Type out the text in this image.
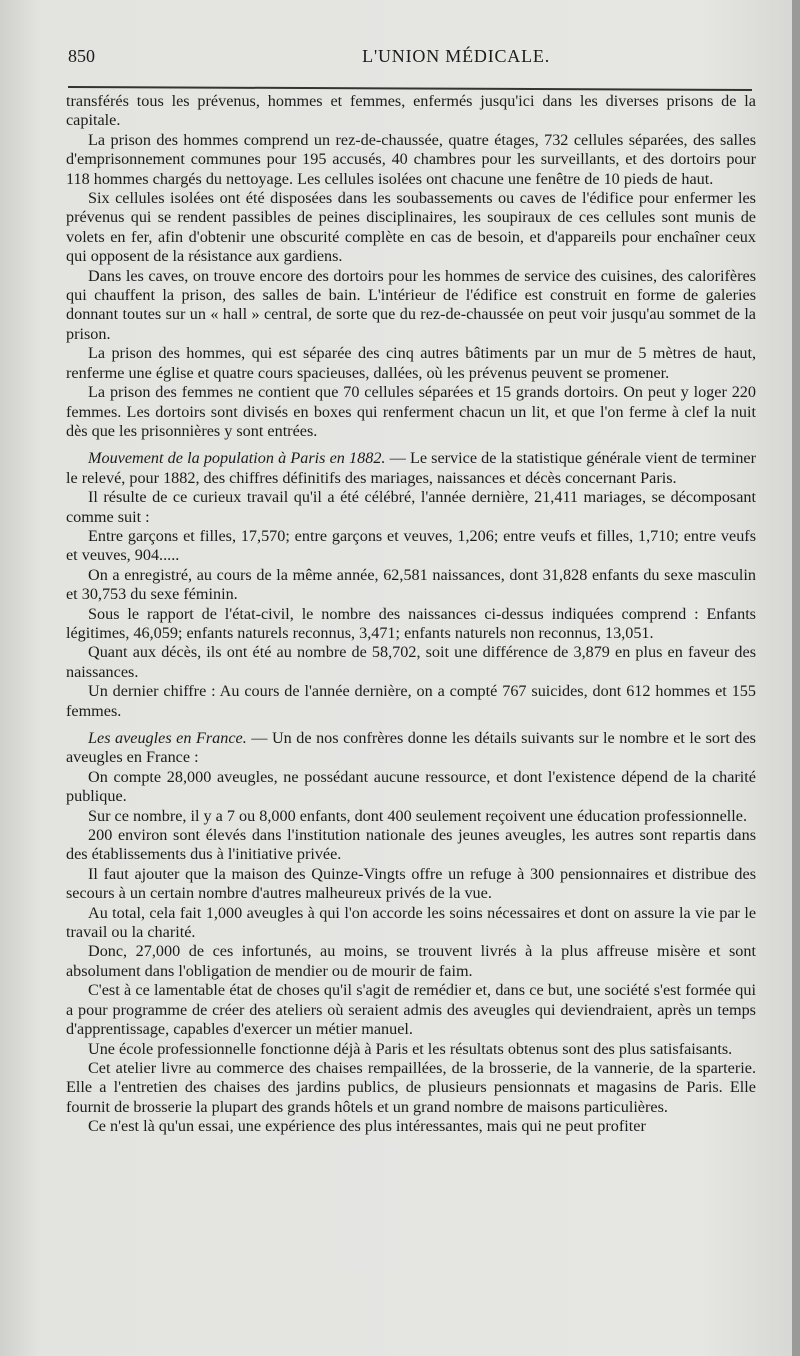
850	L'UNION MÉDICALE.

transférés tous les prévenus, hommes et femmes, enfermés jusqu'ici dans les diverses prisons de la capitale.

La prison des hommes comprend un rez-de-chaussée, quatre étages, 732 cellules séparées, des salles d'emprisonnement communes pour 195 accusés, 40 chambres pour les surveillants, et des dortoirs pour 118 hommes chargés du nettoyage. Les cellules isolées ont chacune une fenêtre de 10 pieds de haut.

Six cellules isolées ont été disposées dans les soubassements ou caves de l'édifice pour enfermer les prévenus qui se rendent passibles de peines disciplinaires, les soupiraux de ces cellules sont munis de volets en fer, afin d'obtenir une obscurité complète en cas de besoin, et d'appareils pour enchaîner ceux qui opposent de la résistance aux gardiens.

Dans les caves, on trouve encore des dortoirs pour les hommes de service des cuisines, des calorifères qui chauffent la prison, des salles de bain. L'intérieur de l'édifice est construit en forme de galeries donnant toutes sur un « hall » central, de sorte que du rez-de-chaussée on peut voir jusqu'au sommet de la prison.

La prison des hommes, qui est séparée des cinq autres bâtiments par un mur de 5 mètres de haut, renferme une église et quatre cours spacieuses, dallées, où les prévenus peuvent se promener.

La prison des femmes ne contient que 70 cellules séparées et 15 grands dortoirs. On peut y loger 220 femmes. Les dortoirs sont divisés en boxes qui renferment chacun un lit, et que l'on ferme à clef la nuit dès que les prisonnières y sont entrées.

Mouvement de la population à Paris en 1882. — Le service de la statistique générale vient de terminer le relevé, pour 1882, des chiffres définitifs des mariages, naissances et décès concernant Paris.

Il résulte de ce curieux travail qu'il a été célébré, l'année dernière, 21,411 mariages, se décomposant comme suit :

Entre garçons et filles, 17,570; entre garçons et veuves, 1,206; entre veufs et filles, 1,710; entre veufs et veuves, 904.....

On a enregistré, au cours de la même année, 62,581 naissances, dont 31,828 enfants du sexe masculin et 30,753 du sexe féminin.

Sous le rapport de l'état-civil, le nombre des naissances ci-dessus indiquées comprend : Enfants légitimes, 46,059; enfants naturels reconnus, 3,471; enfants naturels non reconnus, 13,051.

Quant aux décès, ils ont été au nombre de 58,702, soit une différence de 3,879 en plus en faveur des naissances.

Un dernier chiffre : Au cours de l'année dernière, on a compté 767 suicides, dont 612 hommes et 155 femmes.

Les aveugles en France. — Un de nos confrères donne les détails suivants sur le nombre et le sort des aveugles en France :

On compte 28,000 aveugles, ne possédant aucune ressource, et dont l'existence dépend de la charité publique.

Sur ce nombre, il y a 7 ou 8,000 enfants, dont 400 seulement reçoivent une éducation professionnelle.

200 environ sont élevés dans l'institution nationale des jeunes aveugles, les autres sont repartis dans des établissements dus à l'initiative privée.

Il faut ajouter que la maison des Quinze-Vingts offre un refuge à 300 pensionnaires et distribue des secours à un certain nombre d'autres malheureux privés de la vue.

Au total, cela fait 1,000 aveugles à qui l'on accorde les soins nécessaires et dont on assure la vie par le travail ou la charité.

Donc, 27,000 de ces infortunés, au moins, se trouvent livrés à la plus affreuse misère et sont absolument dans l'obligation de mendier ou de mourir de faim.

C'est à ce lamentable état de choses qu'il s'agit de remédier et, dans ce but, une société s'est formée qui a pour programme de créer des ateliers où seraient admis des aveugles qui deviendraient, après un temps d'apprentissage, capables d'exercer un métier manuel.

Une école professionnelle fonctionne déjà à Paris et les résultats obtenus sont des plus satisfaisants.

Cet atelier livre au commerce des chaises rempaillées, de la brosserie, de la vannerie, de la sparterie. Elle a l'entretien des chaises des jardins publics, de plusieurs pensionnats et magasins de Paris. Elle fournit de brosserie la plupart des grands hôtels et un grand nombre de maisons particulières.

Ce n'est là qu'un essai, une expérience des plus intéressantes, mais qui ne peut profiter
